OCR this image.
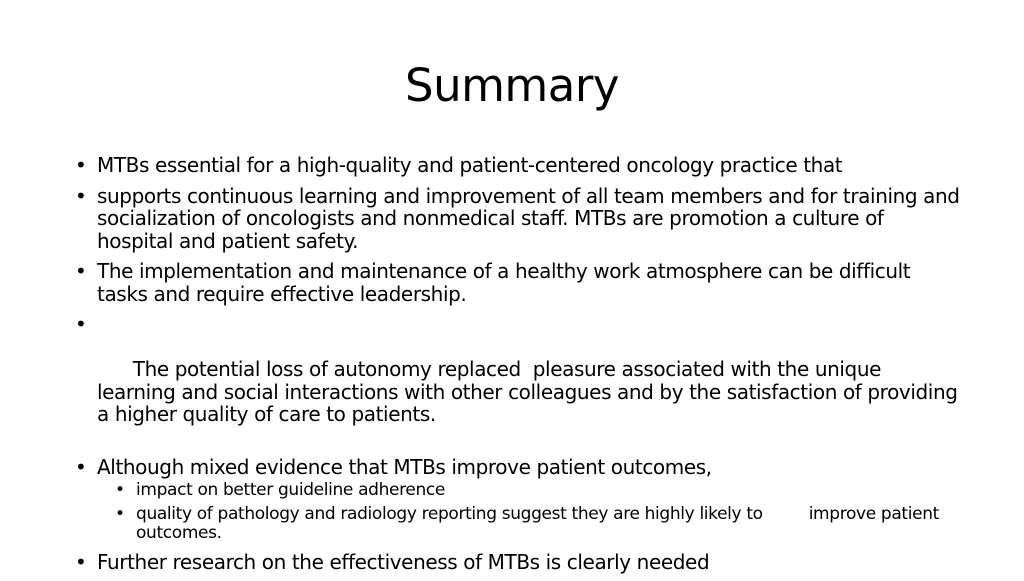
Summary
• MTBs essential for a high-quality and patient-centered oncology practice that
• supports continuous learning and improvement of all team members and for training and socialization of oncologists and nonmedical staff. MTBs are promotion a culture of hospital and patient safety.
• The implementation and maintenance of a healthy work atmosphere can be difficult tasks and require effective leadership.

•

The potential loss of autonomy replaced  pleasure associated with the unique learning and social interactions with other colleagues and by the satisfaction of providing a higher quality of care to patients.

• Although mixed evidence that MTBs improve patient outcomes,
• impact on better guideline adherence
• quality of pathology and radiology reporting suggest they are highly likely to	improve patient outcomes.
• Further research on the effectiveness of MTBs is clearly needed
